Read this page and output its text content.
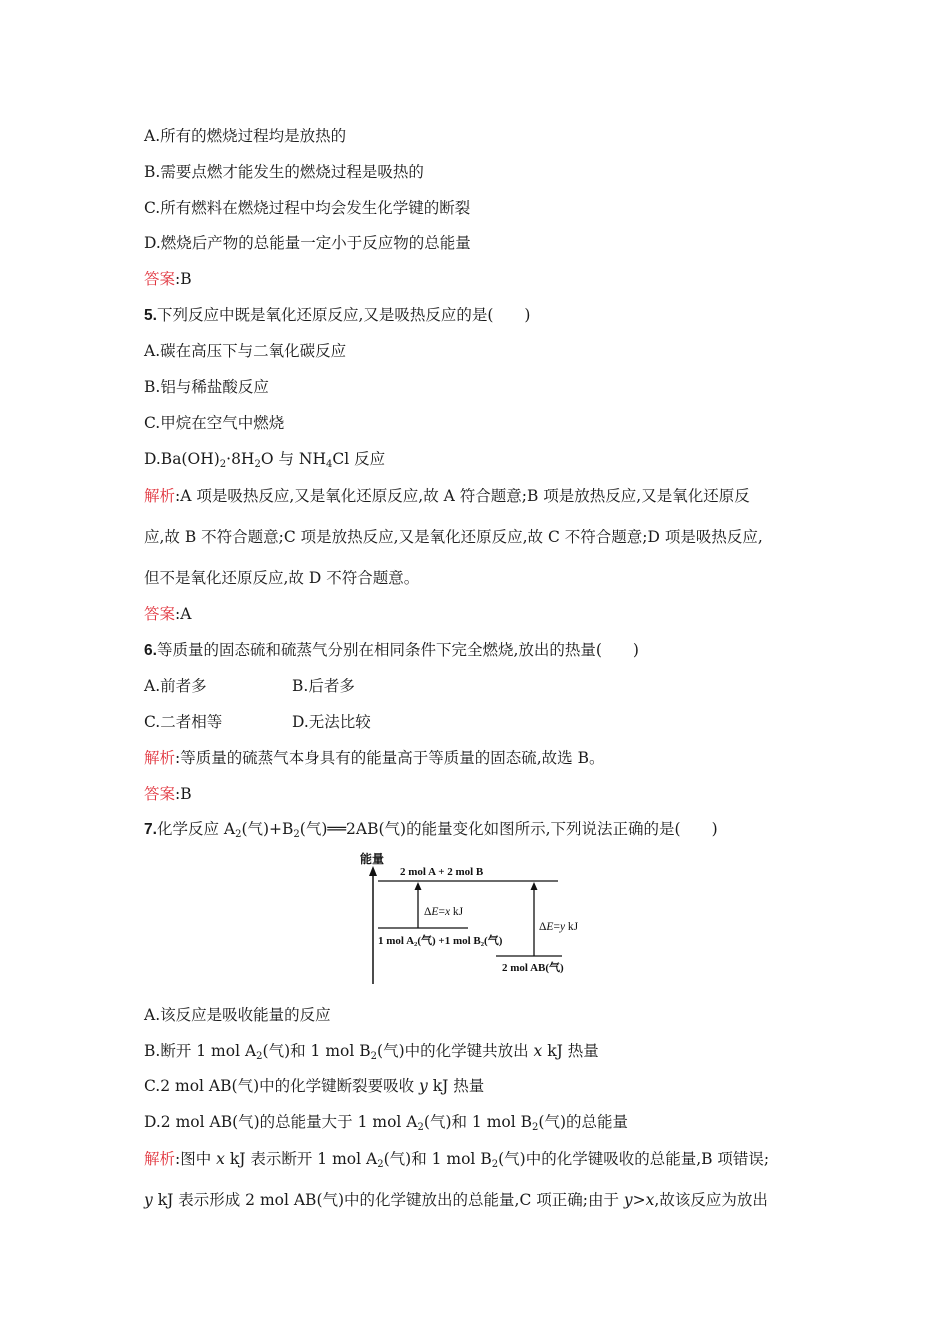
A.所有的燃烧过程均是放热的
B.需要点燃才能发生的燃烧过程是吸热的
C.所有燃料在燃烧过程中均会发生化学键的断裂
D.燃烧后产物的总能量一定小于反应物的总能量
答案:B
5.下列反应中既是氧化还原反应,又是吸热反应的是(　　)
A.碳在高压下与二氧化碳反应
B.铝与稀盐酸反应
C.甲烷在空气中燃烧
$D.Ba(OH)_2\cdot 8H_2O$ 与 $NH_4Cl$ 反应
解析:A 项是吸热反应,又是氧化还原反应,故 A 符合题意;B 项是放热反应,又是氧化还原反
应,故 B 不符合题意;C 项是放热反应,又是氧化还原反应,故 C 不符合题意;D 项是吸热反应,
但不是氧化还原反应,故 D 不符合题意。
答案:A
6.等质量的固态硫和硫蒸气分别在相同条件下完全燃烧,放出的热量(　　)
A.前者多	B.后者多
C.二者相等	D.无法比较
解析:等质量的硫蒸气本身具有的能量高于等质量的固态硫,故选 B。
答案:B
7.化学反应 $A_2$(气)$+B_2$(气)══2AB(气)的能量变化如图所示,下列说法正确的是(　　)
能量
2 mol A + 2 mol B
ΔE=x kJ
1 mol A₂(气) +1 mol B₂(气)
ΔE=y kJ
2 mol AB(气)
A.该反应是吸收能量的反应
B.断开 1 mol $A_2$(气)和 1 mol $B_2$(气)中的化学键共放出 x kJ 热量
C.2 mol AB(气)中的化学键断裂要吸收 y kJ 热量
D.2 mol AB(气)的总能量大于 1 mol $A_2$(气)和 1 mol $B_2$(气)的总能量
解析:图中 x kJ 表示断开 1 mol $A_2$(气)和 1 mol $B_2$(气)中的化学键吸收的总能量,B 项错误;
y kJ 表示形成 2 mol AB(气)中的化学键放出的总能量,C 项正确;由于 y>x,故该反应为放出
